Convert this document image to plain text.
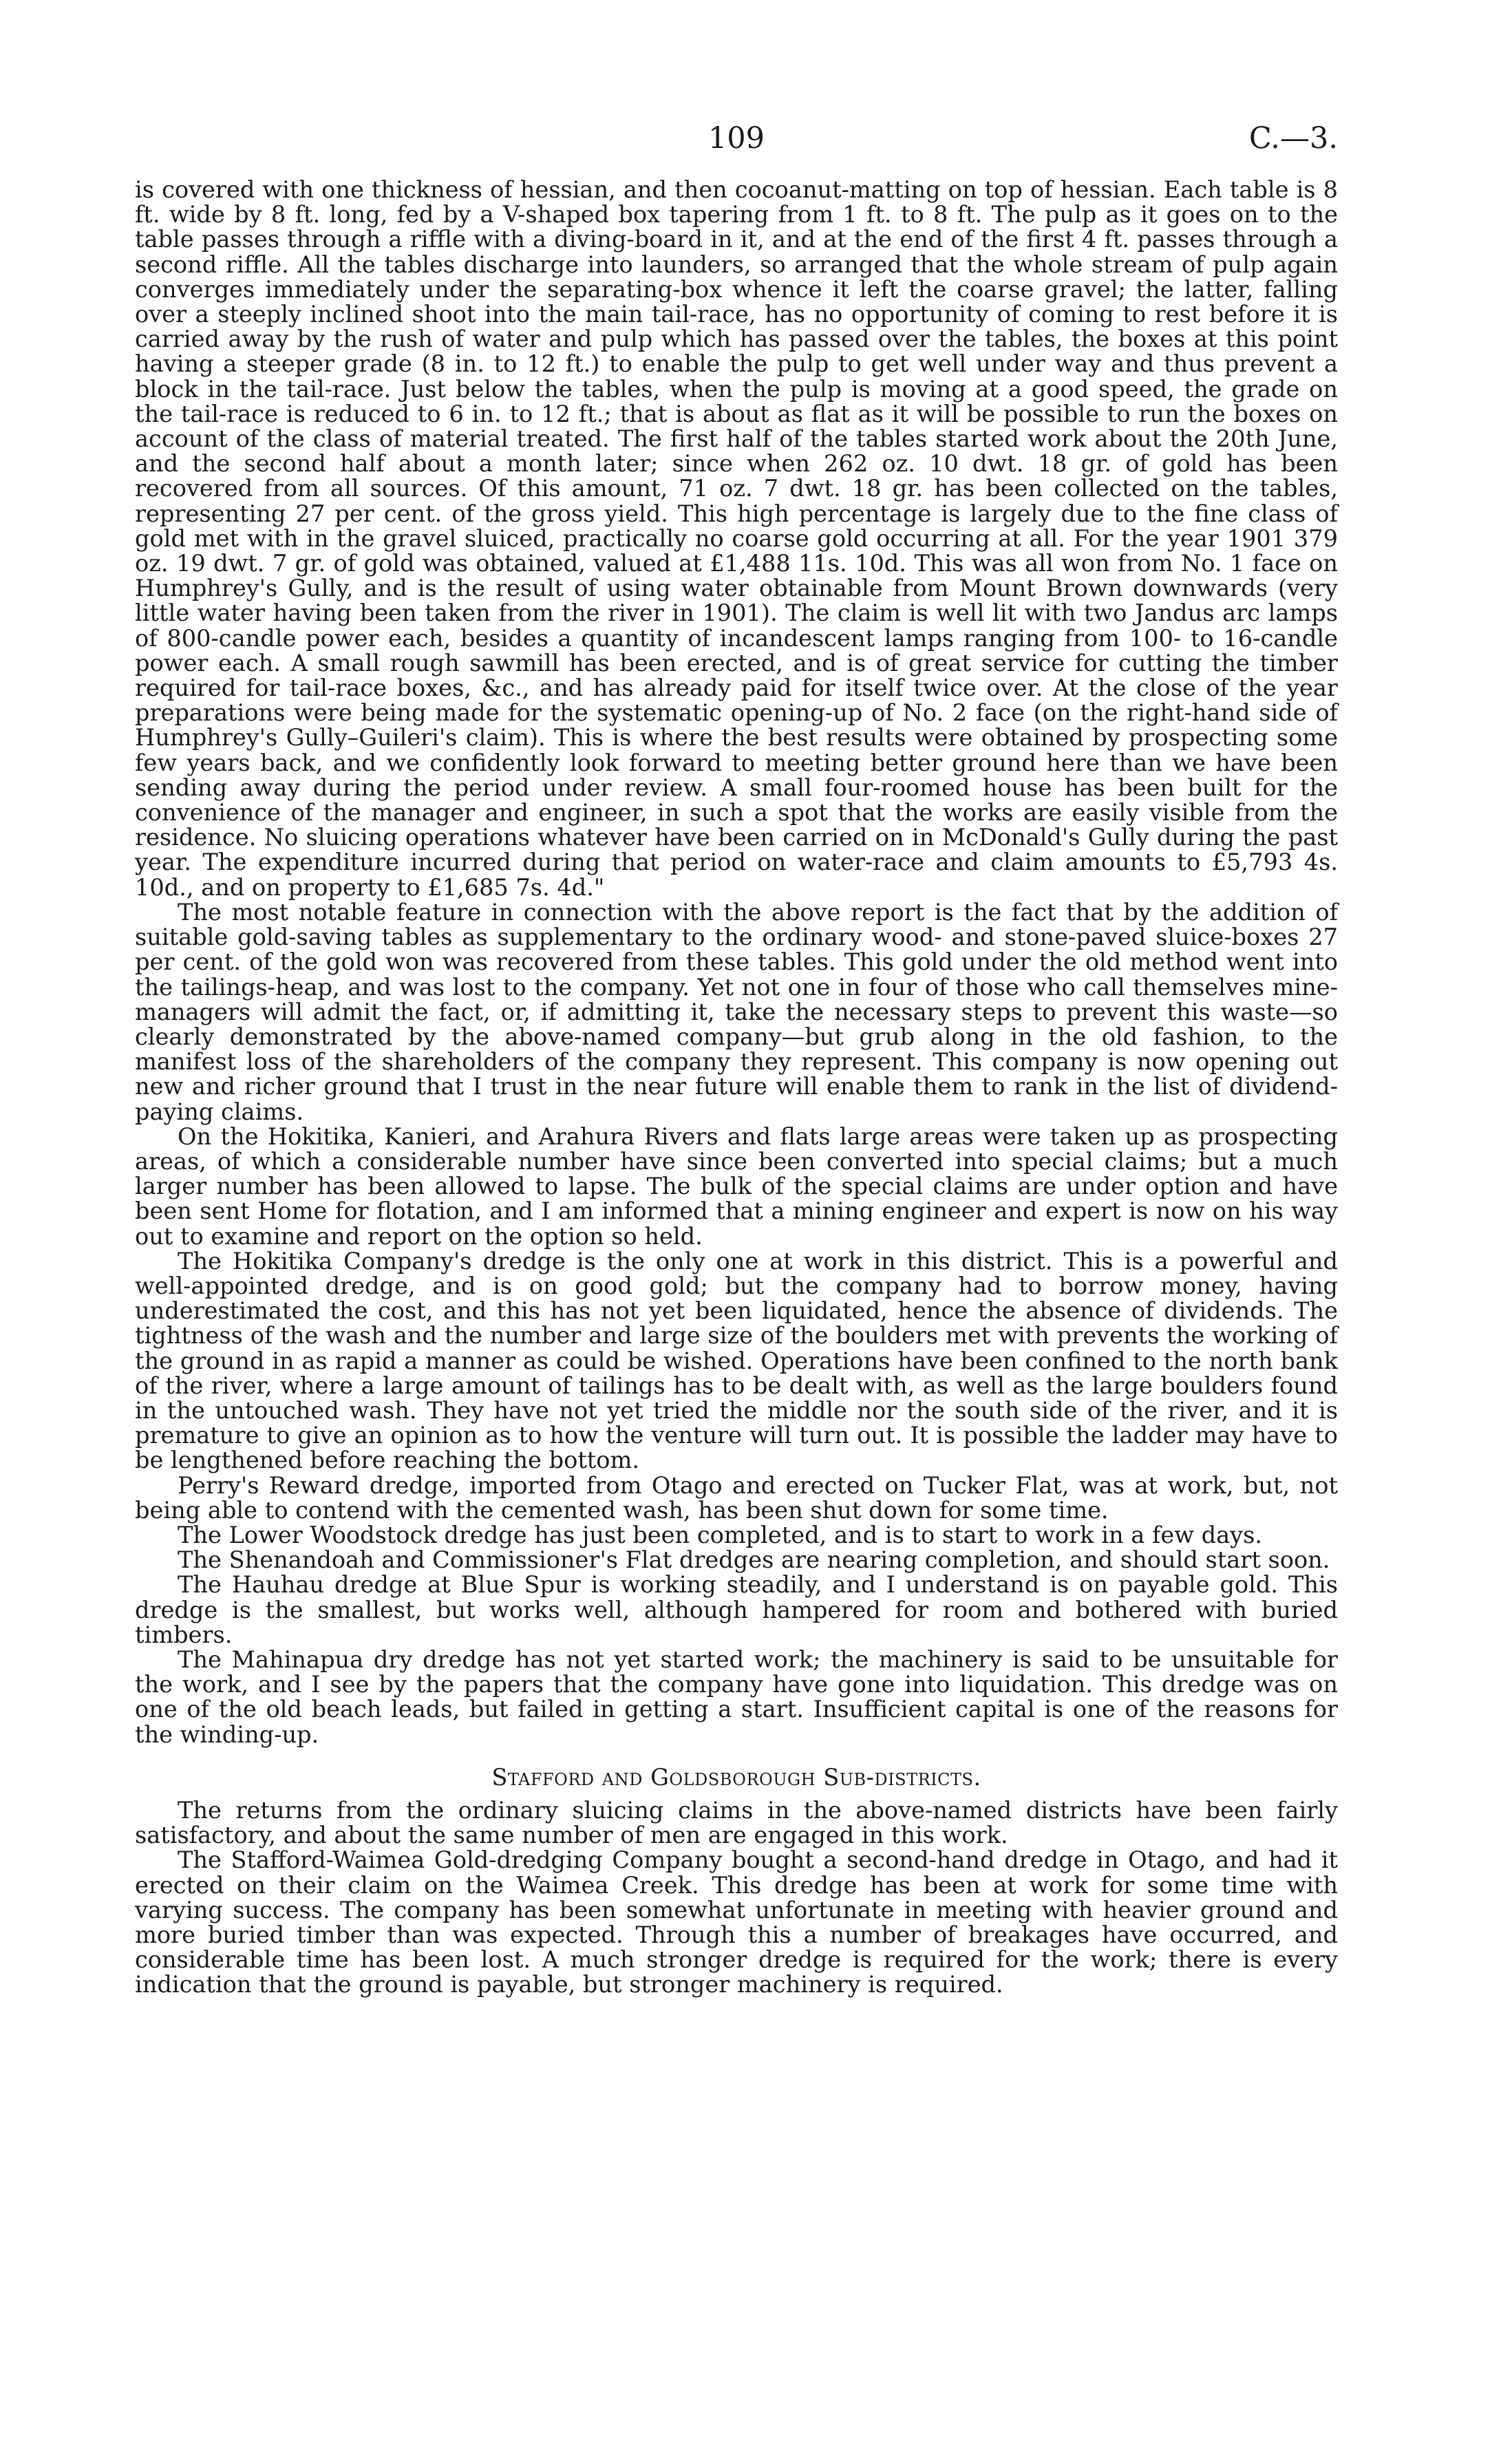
109	C.—3.

is covered with one thickness of hessian, and then cocoanut-matting on top of hessian. Each table is 8 ft. wide by 8 ft. long, fed by a V-shaped box tapering from 1 ft. to 8 ft. The pulp as it goes on to the table passes through a riffle with a diving-board in it, and at the end of the first 4 ft. passes through a second riffle. All the tables discharge into launders, so arranged that the whole stream of pulp again converges immediately under the separating-box whence it left the coarse gravel; the latter, falling over a steeply inclined shoot into the main tail-race, has no opportunity of coming to rest before it is carried away by the rush of water and pulp which has passed over the tables, the boxes at this point having a steeper grade (8 in. to 12 ft.) to enable the pulp to get well under way and thus prevent a block in the tail-race. Just below the tables, when the pulp is moving at a good speed, the grade on the tail-race is reduced to 6 in. to 12 ft.; that is about as flat as it will be possible to run the boxes on account of the class of material treated. The first half of the tables started work about the 20th June, and the second half about a month later; since when 262 oz. 10 dwt. 18 gr. of gold has been recovered from all sources. Of this amount, 71 oz. 7 dwt. 18 gr. has been collected on the tables, representing 27 per cent. of the gross yield. This high percentage is largely due to the fine class of gold met with in the gravel sluiced, practically no coarse gold occurring at all. For the year 1901 379 oz. 19 dwt. 7 gr. of gold was obtained, valued at £1,488 11s. 10d. This was all won from No. 1 face on Humphrey's Gully, and is the result of using water obtainable from Mount Brown downwards (very little water having been taken from the river in 1901). The claim is well lit with two Jandus arc lamps of 800-candle power each, besides a quantity of incandescent lamps ranging from 100- to 16-candle power each. A small rough sawmill has been erected, and is of great service for cutting the timber required for tail-race boxes, &c., and has already paid for itself twice over. At the close of the year preparations were being made for the systematic opening-up of No. 2 face (on the right-hand side of Humphrey's Gully–Guileri's claim). This is where the best results were obtained by prospecting some few years back, and we confidently look forward to meeting better ground here than we have been sending away during the period under review. A small four-roomed house has been built for the convenience of the manager and engineer, in such a spot that the works are easily visible from the residence. No sluicing operations whatever have been carried on in McDonald's Gully during the past year. The expenditure incurred during that period on water-race and claim amounts to £5,793 4s. 10d., and on property to £1,685 7s. 4d."

The most notable feature in connection with the above report is the fact that by the addition of suitable gold-saving tables as supplementary to the ordinary wood- and stone-paved sluice-boxes 27 per cent. of the gold won was recovered from these tables. This gold under the old method went into the tailings-heap, and was lost to the company. Yet not one in four of those who call themselves mine-managers will admit the fact, or, if admitting it, take the necessary steps to prevent this waste—so clearly demonstrated by the above-named company—but grub along in the old fashion, to the manifest loss of the shareholders of the company they represent. This company is now opening out new and richer ground that I trust in the near future will enable them to rank in the list of dividend-paying claims.

On the Hokitika, Kanieri, and Arahura Rivers and flats large areas were taken up as prospecting areas, of which a considerable number have since been converted into special claims; but a much larger number has been allowed to lapse. The bulk of the special claims are under option and have been sent Home for flotation, and I am informed that a mining engineer and expert is now on his way out to examine and report on the option so held.

The Hokitika Company's dredge is the only one at work in this district. This is a powerful and well-appointed dredge, and is on good gold; but the company had to borrow money, having underestimated the cost, and this has not yet been liquidated, hence the absence of dividends. The tightness of the wash and the number and large size of the boulders met with prevents the working of the ground in as rapid a manner as could be wished. Operations have been confined to the north bank of the river, where a large amount of tailings has to be dealt with, as well as the large boulders found in the untouched wash. They have not yet tried the middle nor the south side of the river, and it is premature to give an opinion as to how the venture will turn out. It is possible the ladder may have to be lengthened before reaching the bottom.

Perry's Reward dredge, imported from Otago and erected on Tucker Flat, was at work, but, not being able to contend with the cemented wash, has been shut down for some time.

The Lower Woodstock dredge has just been completed, and is to start to work in a few days.

The Shenandoah and Commissioner's Flat dredges are nearing completion, and should start soon.

The Hauhau dredge at Blue Spur is working steadily, and I understand is on payable gold. This dredge is the smallest, but works well, although hampered for room and bothered with buried timbers.

The Mahinapua dry dredge has not yet started work; the machinery is said to be unsuitable for the work, and I see by the papers that the company have gone into liquidation. This dredge was on one of the old beach leads, but failed in getting a start. Insufficient capital is one of the reasons for the winding-up.

Stafford and Goldsborough Sub-districts.

The returns from the ordinary sluicing claims in the above-named districts have been fairly satisfactory, and about the same number of men are engaged in this work.

The Stafford-Waimea Gold-dredging Company bought a second-hand dredge in Otago, and had it erected on their claim on the Waimea Creek. This dredge has been at work for some time with varying success. The company has been somewhat unfortunate in meeting with heavier ground and more buried timber than was expected. Through this a number of breakages have occurred, and considerable time has been lost. A much stronger dredge is required for the work; there is every indication that the ground is payable, but stronger machinery is required.
